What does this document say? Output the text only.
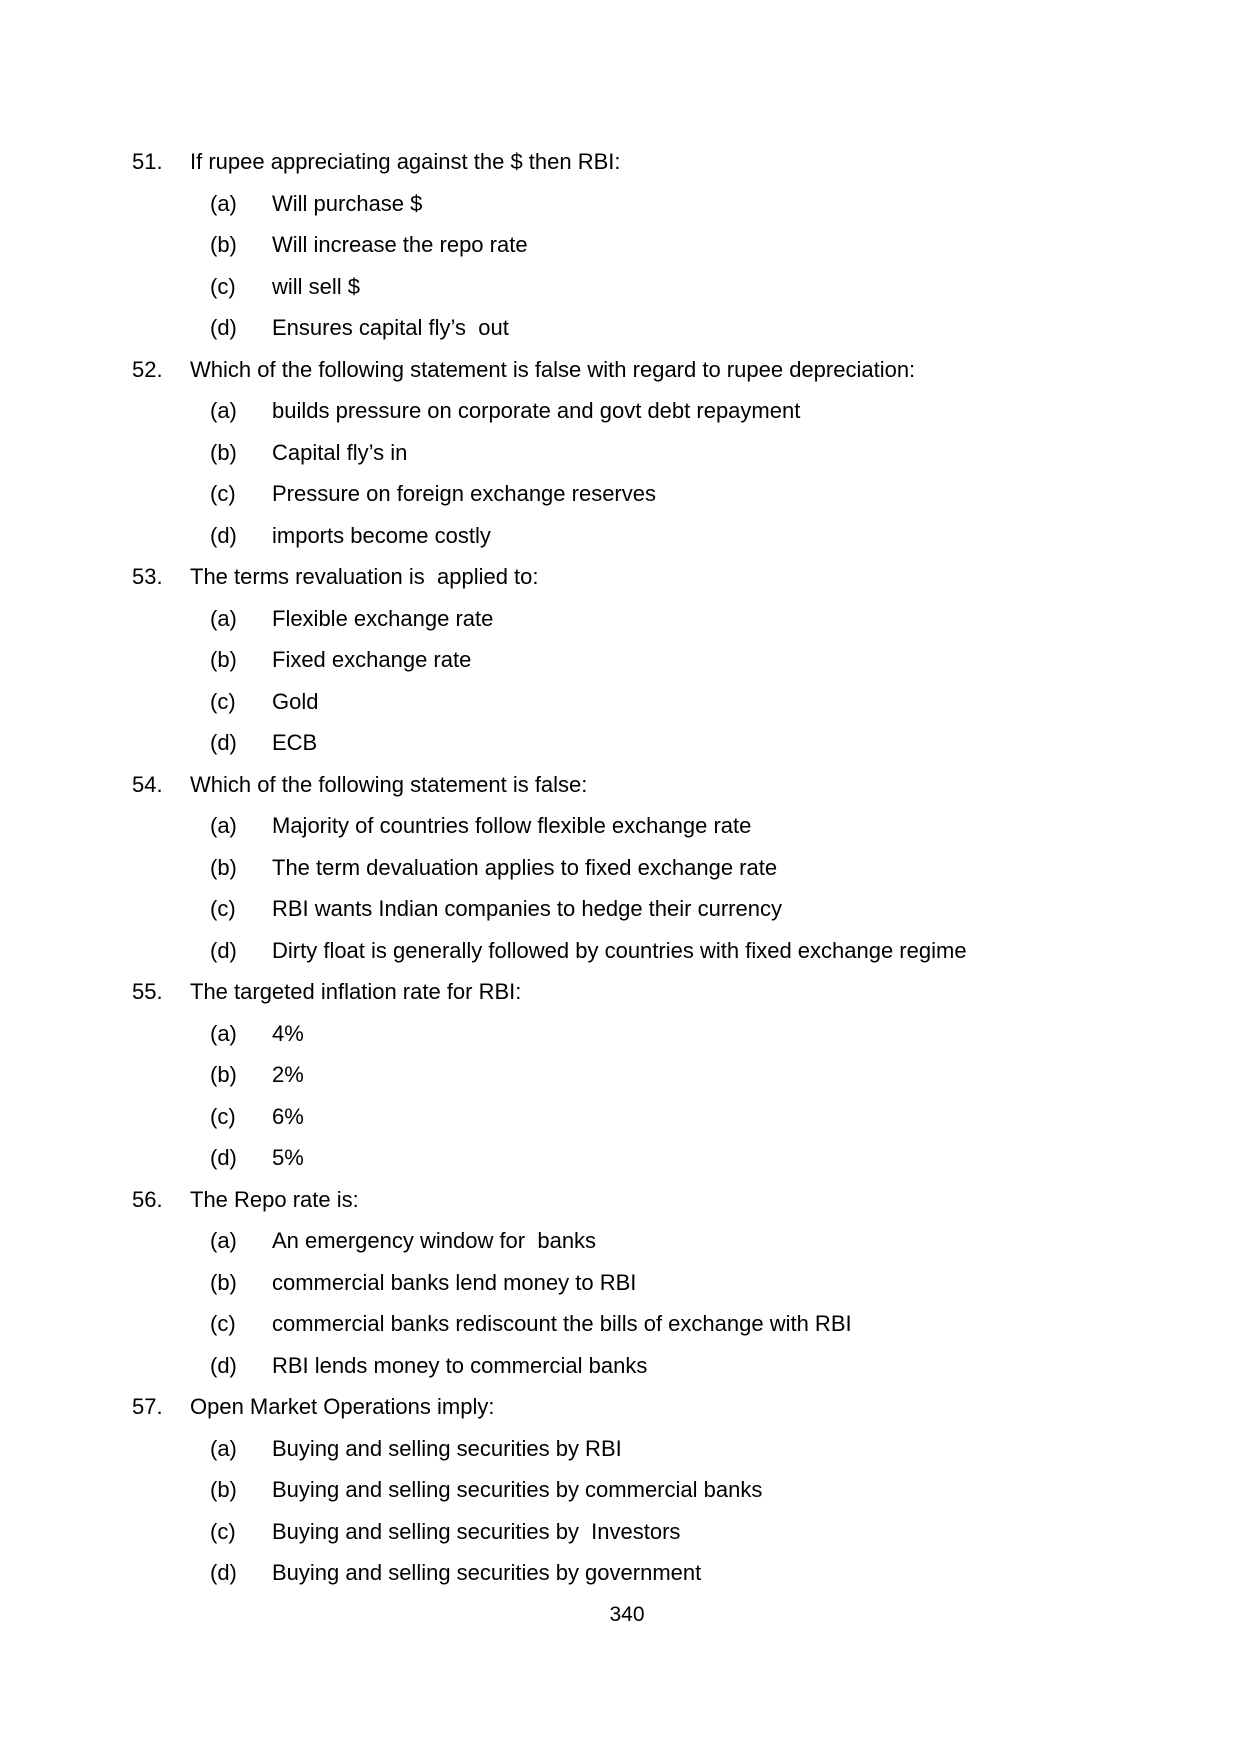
51.	If rupee appreciating against the $ then RBI:
(a)	Will purchase $
(b)	Will increase the repo rate
(c)	will sell $
(d)	Ensures capital fly’s  out
52.	Which of the following statement is false with regard to rupee depreciation:
(a)	builds pressure on corporate and govt debt repayment
(b)	Capital fly’s in
(c)	Pressure on foreign exchange reserves
(d)	imports become costly
53.	The terms revaluation is  applied to:
(a)	Flexible exchange rate
(b)	Fixed exchange rate
(c)	Gold
(d)	ECB
54.	Which of the following statement is false:
(a)	Majority of countries follow flexible exchange rate
(b)	The term devaluation applies to fixed exchange rate
(c)	RBI wants Indian companies to hedge their currency
(d)	Dirty float is generally followed by countries with fixed exchange regime
55.	The targeted inflation rate for RBI:
(a)	4%
(b)	2%
(c)	6%
(d)	5%
56.	The Repo rate is:
(a)	An emergency window for  banks
(b)	commercial banks lend money to RBI
(c)	commercial banks rediscount the bills of exchange with RBI
(d)	RBI lends money to commercial banks
57.	Open Market Operations imply:
(a)	Buying and selling securities by RBI
(b)	Buying and selling securities by commercial banks
(c)	Buying and selling securities by  Investors
(d)	Buying and selling securities by government
340
